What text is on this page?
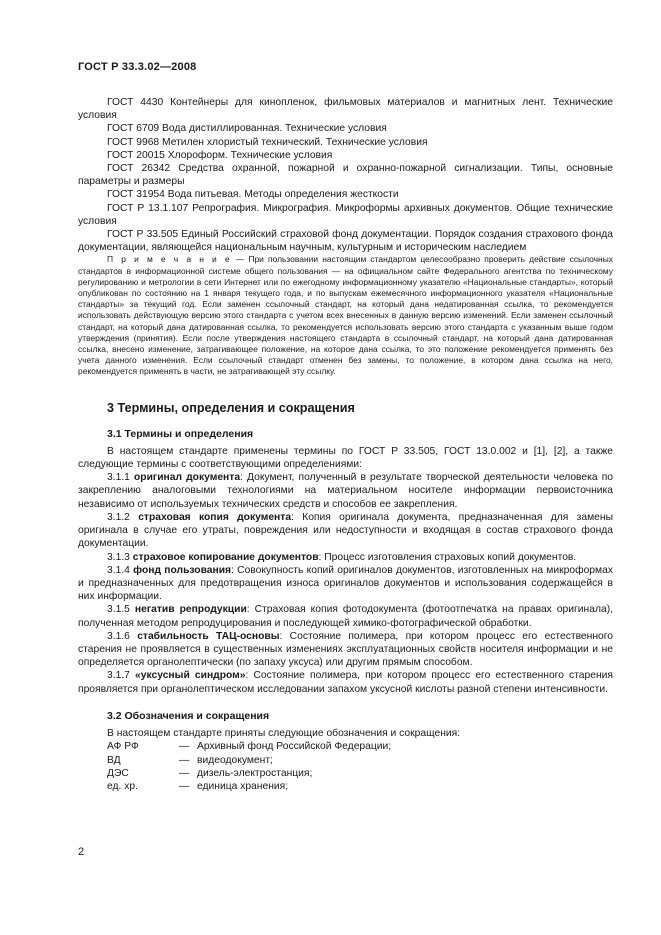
ГОСТ Р 33.3.02—2008

ГОСТ 4430 Контейнеры для кинопленок, фильмовых материалов и магнитных лент. Технические условия

ГОСТ 6709 Вода дистиллированная. Технические условия

ГОСТ 9968 Метилен хлористый технический. Технические условия

ГОСТ 20015 Хлороформ. Технические условия

ГОСТ 26342 Средства охранной, пожарной и охранно-пожарной сигнализации. Типы, основные параметры и размеры

ГОСТ 31954 Вода питьевая. Методы определения жесткости

ГОСТ Р 13.1.107 Репрография. Микрография. Микроформы архивных документов. Общие технические условия

ГОСТ Р 33.505 Единый Российский страховой фонд документации. Порядок создания страхового фонда документации, являющейся национальным научным, культурным и историческим наследием

П р и м е ч а н и е — При пользовании настоящим стандартом целесообразно проверить действие ссылочных стандартов в информационной системе общего пользования — на официальном сайте Федерального агентства по техническому регулированию и метрологии в сети Интернет или по ежегодному информационному указателю «Национальные стандарты», который опубликован по состоянию на 1 января текущего года, и по выпускам ежемесячного информационного указателя «Национальные стандарты» за текущий год. Если заменен ссылочный стандарт, на который дана недатированная ссылка, то рекомендуется использовать действующую версию этого стандарта с учетом всех внесенных в данную версию изменений. Если заменен ссылочный стандарт, на который дана датированная ссылка, то рекомендуется использовать версию этого стандарта с указанным выше годом утверждения (принятия). Если после утверждения настоящего стандарта в ссылочный стандарт, на который дана датированная ссылка, внесено изменение, затрагивающее положение, на которое дана ссылка, то это положение рекомендуется применять без учета данного изменения. Если ссылочный стандарт отменен без замены, то положение, в котором дана ссылка на него, рекомендуется применять в части, не затрагивающей эту ссылку.

3 Термины, определения и сокращения
3.1 Термины и определения

В настоящем стандарте применены термины по ГОСТ Р 33.505, ГОСТ 13.0.002 и [1], [2], а также следующие термины с соответствующими определениями:

3.1.1 оригинал документа: Документ, полученный в результате творческой деятельности человека по закреплению аналоговыми технологиями на материальном носителе информации первоисточника независимо от используемых технических средств и способов ее закрепления.

3.1.2 страховая копия документа: Копия оригинала документа, предназначенная для замены оригинала в случае его утраты, повреждения или недоступности и входящая в состав страхового фонда документации.

3.1.3 страховое копирование документов: Процесс изготовления страховых копий документов.

3.1.4 фонд пользования: Совокупность копий оригиналов документов, изготовленных на микроформах и предназначенных для предотвращения износа оригиналов документов и использования содержащейся в них информации.

3.1.5 негатив репродукции: Страховая копия фотодокумента (фотоотпечатка на правах оригинала), полученная методом репродуцирования и последующей химико-фотографической обработки.

3.1.6 стабильность ТАЦ-основы: Состояние полимера, при котором процесс его естественного старения не проявляется в существенных изменениях эксплуатационных свойств носителя информации и не определяется органолептически (по запаху уксуса) или другим прямым способом.

3.1.7 «уксусный синдром»: Состояние полимера, при котором процесс его естественного старения проявляется при органолептическом исследовании запахом уксусной кислоты разной степени интенсивности.

3.2 Обозначения и сокращения

В настоящем стандарте приняты следующие обозначения и сокращения:

АФ РФ	— Архивный фонд Российской Федерации;
ВД	— видеодокумент;
ДЭС	— дизель-электростанция;
ед. хр.	— единица хранения;
2
